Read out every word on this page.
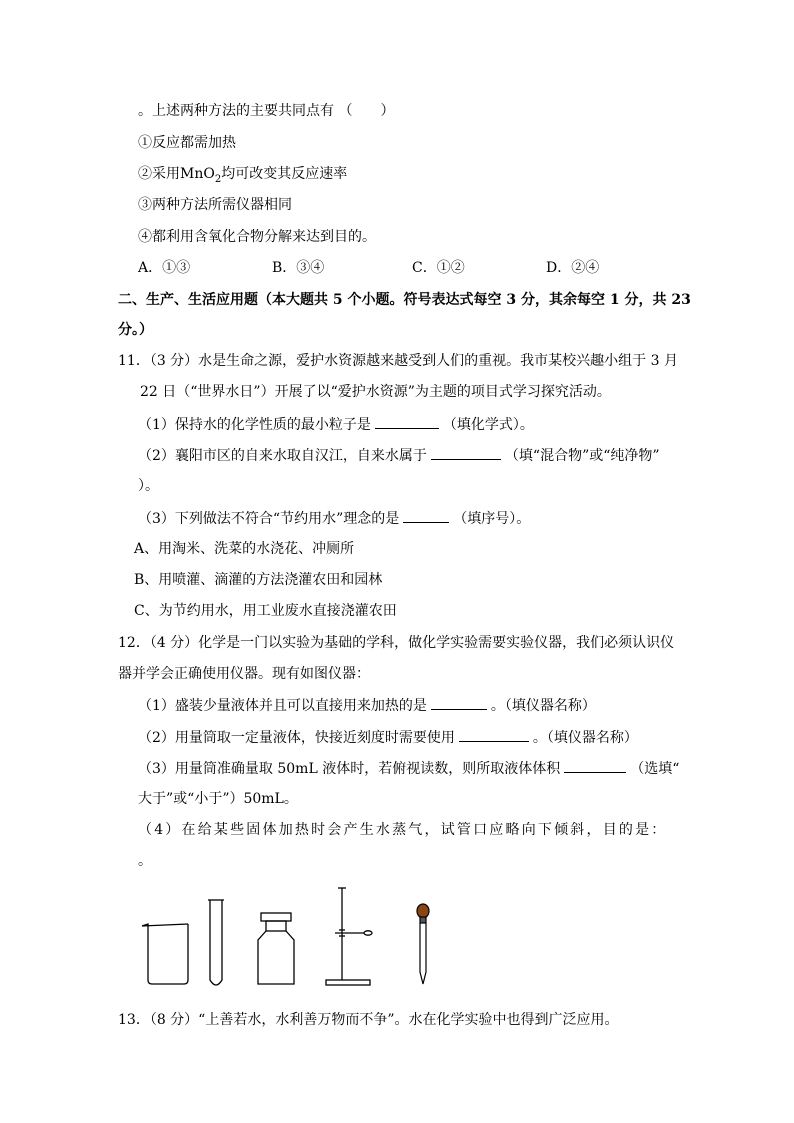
。上述两种方法的主要共同点有 （　　）
①反应都需加热
②采用MnO$_2$均可改变其反应速率
③两种方法所需仪器相同
④都利用含氧化合物分解来达到目的。
A．①③	B．③④	C．①②	D．②④
二、生产、生活应用题（本大题共 5 个小题。符号表达式每空 3 分，其余每空 1 分，共 23
分。）
11．（3 分）水是生命之源，爱护水资源越来越受到人们的重视。我市某校兴趣小组于 3 月
22 日（“世界水日”）开展了以“爱护水资源”为主题的项目式学习探究活动。
（1）保持水的化学性质的最小粒子是	（填化学式）。
（2）襄阳市区的自来水取自汉江，自来水属于	（填“混合物”或“纯净物”
）。
（3）下列做法不符合“节约用水”理念的是	（填序号）。
A、用淘米、洗菜的水浇花、冲厕所
B、用喷灌、滴灌的方法浇灌农田和园林
C、为节约用水，用工业废水直接浇灌农田
12．（4 分）化学是一门以实验为基础的学科，做化学实验需要实验仪器，我们必须认识仪
器并学会正确使用仪器。现有如图仪器：
（1）盛装少量液体并且可以直接用来加热的是	。（填仪器名称）
（2）用量筒取一定量液体，快接近刻度时需要使用	。（填仪器名称）
（3）用量筒准确量取 50mL 液体时，若俯视读数，则所取液体体积	（选填“
大于”或“小于”）50mL。
（4）在给某些固体加热时会产生水蒸气，试管口应略向下倾斜，目的是：
。
13．（8 分）“上善若水，水利善万物而不争”。水在化学实验中也得到广泛应用。
